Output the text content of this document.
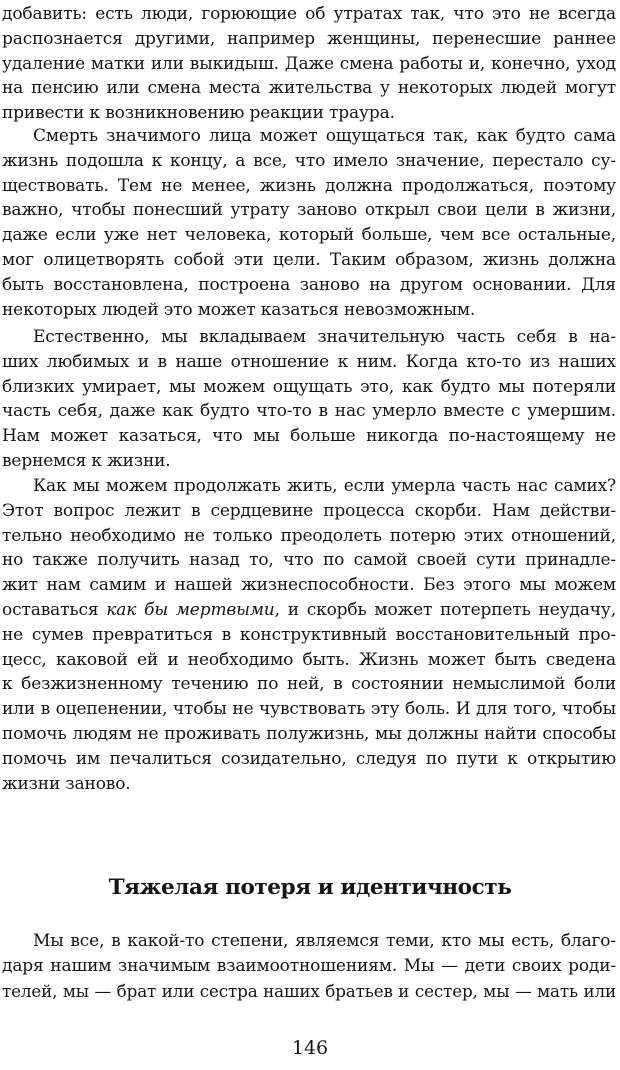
добавить: есть люди, горюющие об утратах так, что это не всегда
распознается другими, например женщины, перенесшие раннее
удаление матки или выкидыш. Даже смена работы и, конечно, уход
на пенсию или смена места жительства у некоторых людей могут
привести к возникновению реакции траура.
Смерть значимого лица может ощущаться так, как будто сама
жизнь подошла к концу, а все, что имело значение, перестало су-
ществовать. Тем не менее, жизнь должна продолжаться, поэтому
важно, чтобы понесший утрату заново открыл свои цели в жизни,
даже если уже нет человека, который больше, чем все остальные,
мог олицетворять собой эти цели. Таким образом, жизнь должна
быть восстановлена, построена заново на другом основании. Для
некоторых людей это может казаться невозможным.
Естественно, мы вкладываем значительную часть себя в на-
ших любимых и в наше отношение к ним. Когда кто-то из наших
близких умирает, мы можем ощущать это, как будто мы потеряли
часть себя, даже как будто что-то в нас умерло вместе с умершим.
Нам может казаться, что мы больше никогда по-настоящему не
вернемся к жизни.
Как мы можем продолжать жить, если умерла часть нас самих?
Этот вопрос лежит в сердцевине процесса скорби. Нам действи-
тельно необходимо не только преодолеть потерю этих отношений,
но также получить назад то, что по самой своей сути принадле-
жит нам самим и нашей жизнеспособности. Без этого мы можем
оставаться как бы мертвыми, и скорбь может потерпеть неудачу,
не сумев превратиться в конструктивный восстановительный про-
цесс, каковой ей и необходимо быть. Жизнь может быть сведена
к безжизненному течению по ней, в состоянии немыслимой боли
или в оцепенении, чтобы не чувствовать эту боль. И для того, чтобы
помочь людям не проживать полужизнь, мы должны найти способы
помочь им печалиться созидательно, следуя по пути к открытию
жизни заново.
Тяжелая потеря и идентичность
Мы все, в какой-то степени, являемся теми, кто мы есть, благо-
даря нашим значимым взаимоотношениям. Мы — дети своих роди-
телей, мы — брат или сестра наших братьев и сестер, мы — мать или
146
